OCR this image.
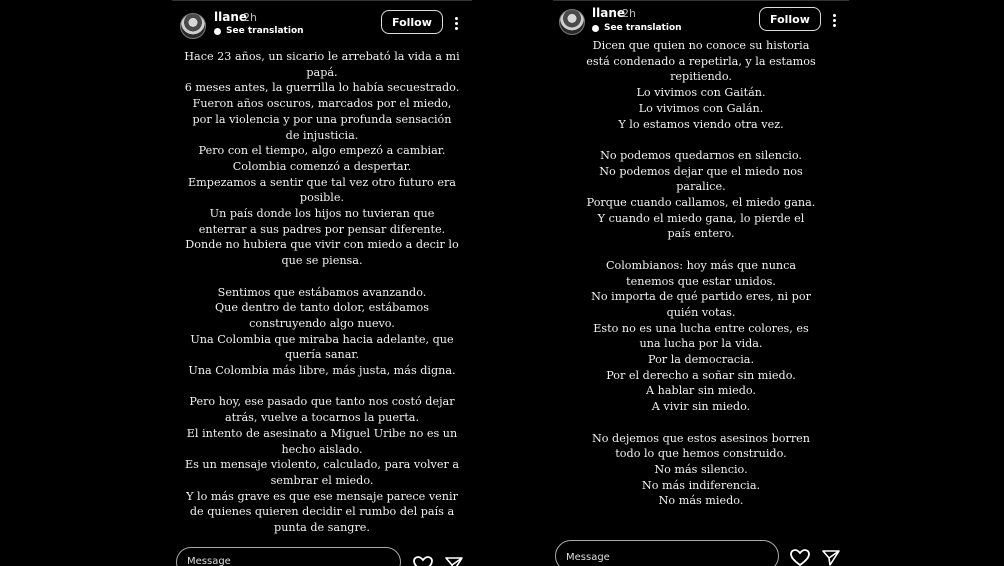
llane
2h
See translation
Follow

Hace 23 años, un sicario le arrebató la vida a mi

papá.

6 meses antes, la guerrilla lo había secuestrado.

Fueron años oscuros, marcados por el miedo,

por la violencia y por una profunda sensación

de injusticia.

Pero con el tiempo, algo empezó a cambiar.

Colombia comenzó a despertar.

Empezamos a sentir que tal vez otro futuro era

posible.

Un país donde los hijos no tuvieran que

enterrar a sus padres por pensar diferente.

Donde no hubiera que vivir con miedo a decir lo

que se piensa.

Sentimos que estábamos avanzando.

Que dentro de tanto dolor, estábamos

construyendo algo nuevo.

Una Colombia que miraba hacia adelante, que

quería sanar.

Una Colombia más libre, más justa, más digna.

Pero hoy, ese pasado que tanto nos costó dejar

atrás, vuelve a tocarnos la puerta.

El intento de asesinato a Miguel Uribe no es un

hecho aislado.

Es un mensaje violento, calculado, para volver a

sembrar el miedo.

Y lo más grave es que ese mensaje parece venir

de quienes quieren decidir el rumbo del país a

punta de sangre.

Message
llane
2h
See translation
Follow

Dicen que quien no conoce su historia

está condenado a repetirla, y la estamos

repitiendo.

Lo vivimos con Gaitán.

Lo vivimos con Galán.

Y lo estamos viendo otra vez.

No podemos quedarnos en silencio.

No podemos dejar que el miedo nos

paralice.

Porque cuando callamos, el miedo gana.

Y cuando el miedo gana, lo pierde el

país entero.

Colombianos: hoy más que nunca

tenemos que estar unidos.

No importa de qué partido eres, ni por

quién votas.

Esto no es una lucha entre colores, es

una lucha por la vida.

Por la democracia.

Por el derecho a soñar sin miedo.

A hablar sin miedo.

A vivir sin miedo.

No dejemos que estos asesinos borren

todo lo que hemos construido.

No más silencio.

No más indiferencia.

No más miedo.

Message
